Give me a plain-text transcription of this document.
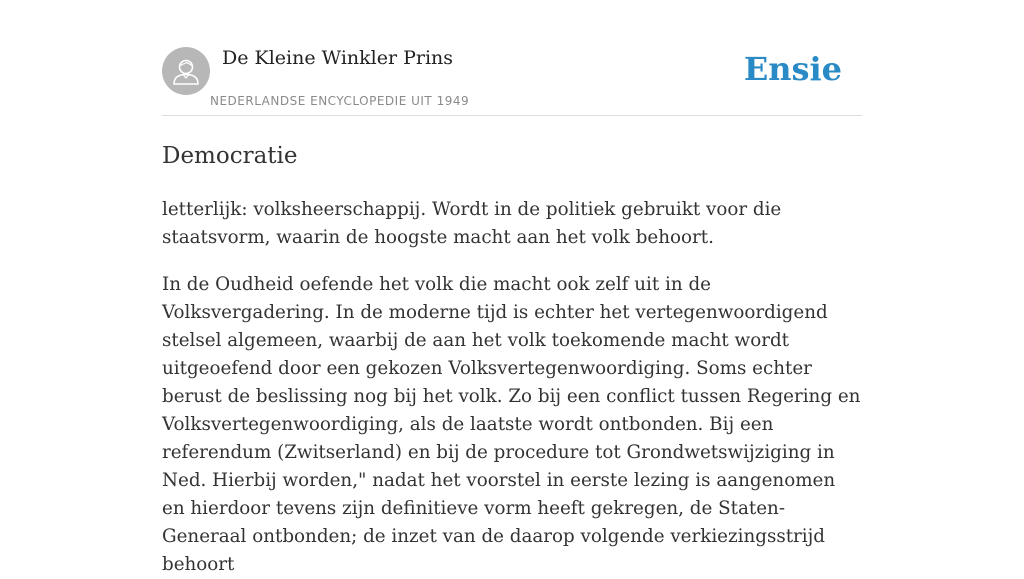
De Kleine Winkler Prins
NEDERLANDSE ENCYCLOPEDIE UIT 1949
Ensie
Democratie

letterlijk: volksheerschappij. Wordt in de politiek gebruikt voor die staatsvorm, waarin de hoogste macht aan het volk behoort.

In de Oudheid oefende het volk die macht ook zelf uit in de Volksvergadering. In de moderne tijd is echter het vertegenwoordigend stelsel algemeen, waarbij de aan het volk toekomende macht wordt uitgeoefend door een gekozen Volksvertegenwoordiging. Soms echter berust de beslissing nog bij het volk. Zo bij een conflict tussen Regering en Volksvertegenwoordiging, als de laatste wordt ontbonden. Bij een referendum (Zwitserland) en bij de procedure tot Grondwetswijziging in Ned. Hierbij worden," nadat het voorstel in eerste lezing is aangenomen en hierdoor tevens zijn definitieve vorm heeft gekregen, de Staten-Generaal ontbonden; de inzet van de daarop volgende verkiezingsstrijd behoort
